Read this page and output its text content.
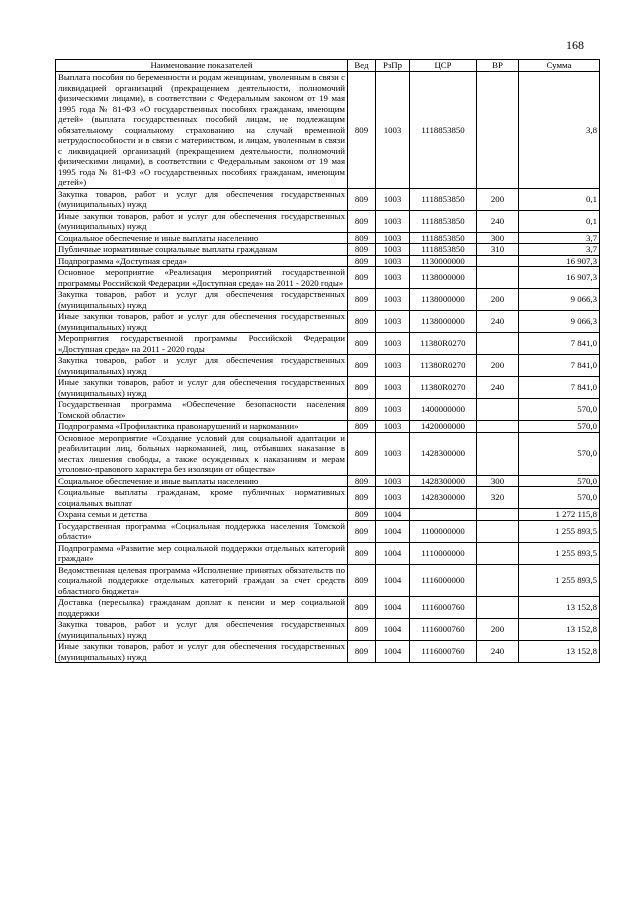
168
Наименование показателей	Вед	РзПр	ЦСР	ВР	Сумма
Выплата пособия по беременности и родам женщинам, уволенным в связи с ликвидацией организаций (прекращением деятельности, полномочий физическими лицами), в соответствии с Федеральным законом от 19 мая 1995 года № 81-ФЗ «О государственных пособиях гражданам, имеющим детей» (выплата государственных пособий лицам, не подлежащим обязательному социальному страхованию на случай временной нетрудоспособности и в связи с материнством, и лицам, уволенным в связи с ликвидацией организаций (прекращением деятельности, полномочий физическими лицами), в соответствии с Федеральным законом от 19 мая 1995 года № 81-ФЗ «О государственных пособиях гражданам, имеющим детей»)	809	1003	1118853850		3,8
Закупка товаров, работ и услуг для обеспечения государственных (муниципальных) нужд	809	1003	1118853850	200	0,1
Иные закупки товаров, работ и услуг для обеспечения государственных (муниципальных) нужд	809	1003	1118853850	240	0,1
Социальное обеспечение и иные выплаты населению	809	1003	1118853850	300	3,7
Публичные нормативные социальные выплаты гражданам	809	1003	1118853850	310	3,7
Подпрограмма «Доступная среда»	809	1003	1130000000		16 907,3
Основное мероприятие «Реализация мероприятий государственной программы Российской Федерации «Доступная среда» на 2011 - 2020 годы»	809	1003	1138000000		16 907,3
Закупка товаров, работ и услуг для обеспечения государственных (муниципальных) нужд	809	1003	1138000000	200	9 066,3
Иные закупки товаров, работ и услуг для обеспечения государственных (муниципальных) нужд	809	1003	1138000000	240	9 066,3
Мероприятия государственной программы Российской Федерации «Доступная среда» на 2011 - 2020 годы	809	1003	11380R0270		7 841,0
Закупка товаров, работ и услуг для обеспечения государственных (муниципальных) нужд	809	1003	11380R0270	200	7 841,0
Иные закупки товаров, работ и услуг для обеспечения государственных (муниципальных) нужд	809	1003	11380R0270	240	7 841,0
Государственная программа «Обеспечение безопасности населения Томской области»	809	1003	1400000000		570,0
Подпрограмма «Профилактика правонарушений и наркомании»	809	1003	1420000000		570,0
Основное мероприятие «Создание условий для социальной адаптации и реабилитации лиц, больных наркоманией, лиц, отбывших наказание в местах лишения свободы, а также осужденных к наказаниям и мерам уголовно-правового характера без изоляции от общества»	809	1003	1428300000		570,0
Социальное обеспечение и иные выплаты населению	809	1003	1428300000	300	570,0
Социальные выплаты гражданам, кроме публичных нормативных социальных выплат	809	1003	1428300000	320	570,0
Охрана семьи и детства	809	1004			1 272 115,8
Государственная программа «Социальная поддержка населения Томской области»	809	1004	1100000000		1 255 893,5
Подпрограмма «Развитие мер социальной поддержки отдельных категорий граждан»	809	1004	1110000000		1 255 893,5
Ведомственная целевая программа «Исполнение принятых обязательств по социальной поддержке отдельных категорий граждан за счет средств областного бюджета»	809	1004	1116000000		1 255 893,5
Доставка (пересылка) гражданам доплат к пенсии и мер социальной поддержки	809	1004	1116000760		13 152,8
Закупка товаров, работ и услуг для обеспечения государственных (муниципальных) нужд	809	1004	1116000760	200	13 152,8
Иные закупки товаров, работ и услуг для обеспечения государственных (муниципальных) нужд	809	1004	1116000760	240	13 152,8
